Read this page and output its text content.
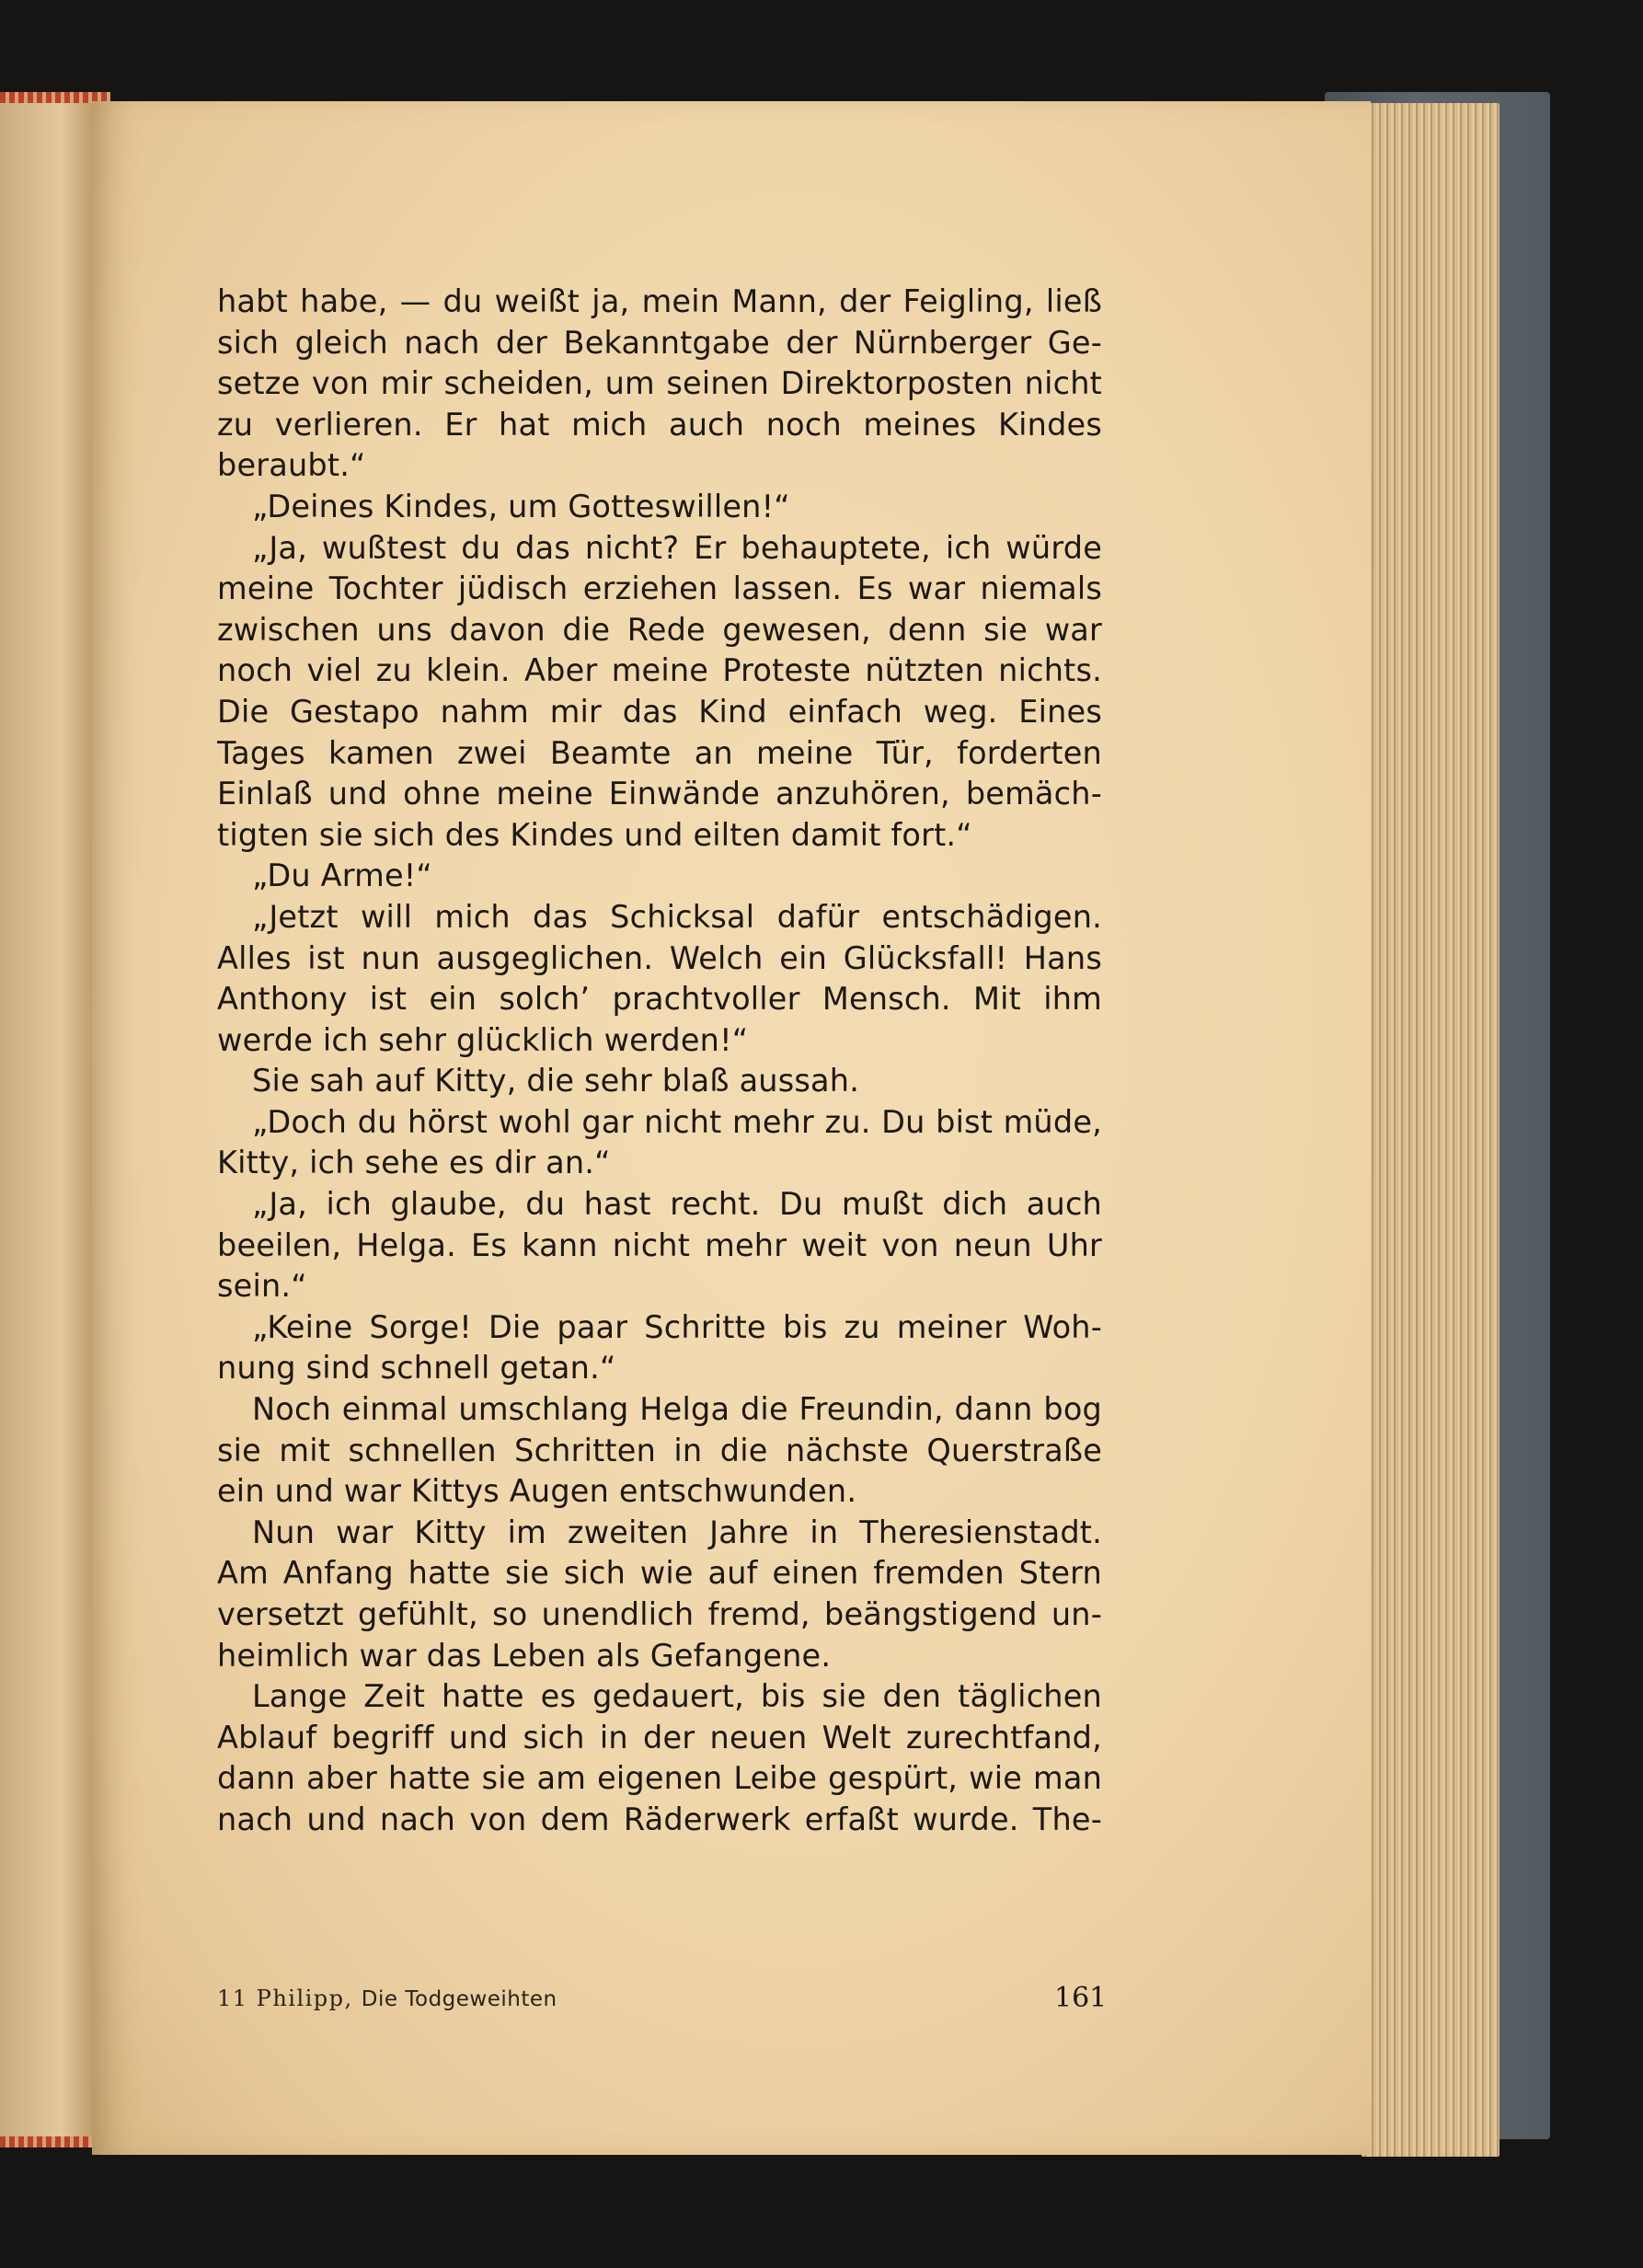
habt habe, — du weißt ja, mein Mann, der Feigling, ließ
sich gleich nach der Bekanntgabe der Nürnberger Ge-
setze von mir scheiden, um seinen Direktorposten nicht
zu verlieren. Er hat mich auch noch meines Kindes
beraubt.“
„Deines Kindes, um Gotteswillen!“
„Ja, wußtest du das nicht? Er behauptete, ich würde
meine Tochter jüdisch erziehen lassen. Es war niemals
zwischen uns davon die Rede gewesen, denn sie war
noch viel zu klein. Aber meine Proteste nützten nichts.
Die Gestapo nahm mir das Kind einfach weg. Eines
Tages kamen zwei Beamte an meine Tür, forderten
Einlaß und ohne meine Einwände anzuhören, bemäch-
tigten sie sich des Kindes und eilten damit fort.“
„Du Arme!“
„Jetzt will mich das Schicksal dafür entschädigen.
Alles ist nun ausgeglichen. Welch ein Glücksfall! Hans
Anthony ist ein solch’ prachtvoller Mensch. Mit ihm
werde ich sehr glücklich werden!“
Sie sah auf Kitty, die sehr blaß aussah.
„Doch du hörst wohl gar nicht mehr zu. Du bist müde,
Kitty, ich sehe es dir an.“
„Ja, ich glaube, du hast recht. Du mußt dich auch
beeilen, Helga. Es kann nicht mehr weit von neun Uhr
sein.“
„Keine Sorge! Die paar Schritte bis zu meiner Woh-
nung sind schnell getan.“
Noch einmal umschlang Helga die Freundin, dann bog
sie mit schnellen Schritten in die nächste Querstraße
ein und war Kittys Augen entschwunden.
Nun war Kitty im zweiten Jahre in Theresienstadt.
Am Anfang hatte sie sich wie auf einen fremden Stern
versetzt gefühlt, so unendlich fremd, beängstigend un-
heimlich war das Leben als Gefangene.
Lange Zeit hatte es gedauert, bis sie den täglichen
Ablauf begriff und sich in der neuen Welt zurechtfand,
dann aber hatte sie am eigenen Leibe gespürt, wie man
nach und nach von dem Räderwerk erfaßt wurde. The-
11 Philipp, Die Todgeweihten	161
